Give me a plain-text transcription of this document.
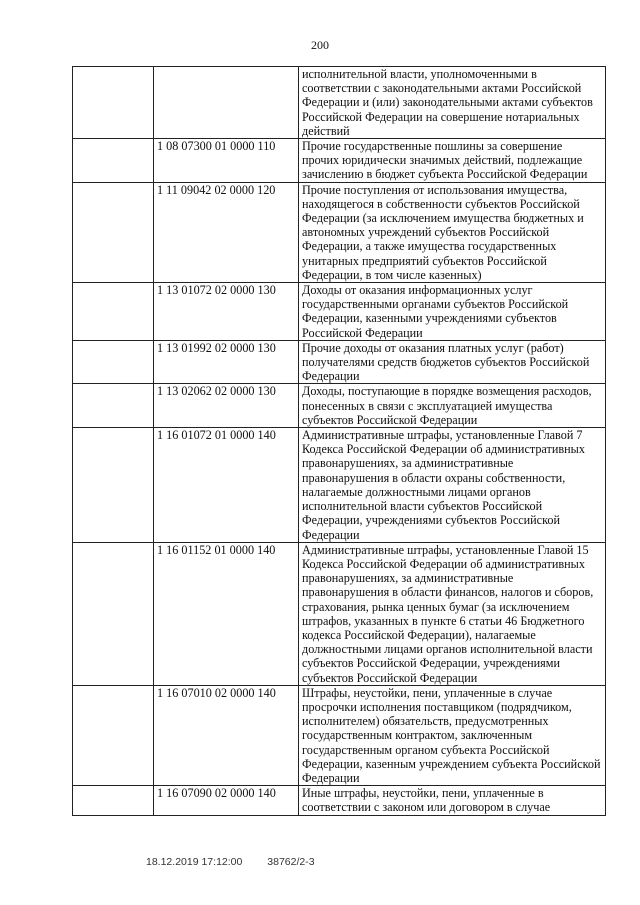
200
		исполнительной власти, уполномоченными в соответствии с законодательными актами Российской Федерации и (или) законодательными актами субъектов Российской Федерации на совершение нотариальных действий
	1 08 07300 01 0000 110	Прочие государственные пошлины за совершение прочих юридически значимых действий, подлежащие зачислению в бюджет субъекта Российской Федерации
	1 11 09042 02 0000 120	Прочие поступления от использования имущества, находящегося в собственности субъектов Российской Федерации (за исключением имущества бюджетных и автономных учреждений субъектов Российской Федерации, а также имущества государственных унитарных предприятий субъектов Российской Федерации, в том числе казенных)
	1 13 01072 02 0000 130	Доходы от оказания информационных услуг государственными органами субъектов Российской Федерации, казенными учреждениями субъектов Российской Федерации
	1 13 01992 02 0000 130	Прочие доходы от оказания платных услуг (работ) получателями средств бюджетов субъектов Российской Федерации
	1 13 02062 02 0000 130	Доходы, поступающие в порядке возмещения расходов, понесенных в связи с эксплуатацией имущества субъектов Российской Федерации
	1 16 01072 01 0000 140	Административные штрафы, установленные Главой 7 Кодекса Российской Федерации об административных правонарушениях, за административные правонарушения в области охраны собственности, налагаемые должностными лицами органов исполнительной власти субъектов Российской Федерации, учреждениями субъектов Российской Федерации
	1 16 01152 01 0000 140	Административные штрафы, установленные Главой 15 Кодекса Российской Федерации об административных правонарушениях, за административные правонарушения в области финансов, налогов и сборов, страхования, рынка ценных бумаг (за исключением штрафов, указанных в пункте 6 статьи 46 Бюджетного кодекса Российской Федерации), налагаемые должностными лицами органов исполнительной власти субъектов Российской Федерации, учреждениями субъектов Российской Федерации
	1 16 07010 02 0000 140	Штрафы, неустойки, пени, уплаченные в случае просрочки исполнения поставщиком (подрядчиком, исполнителем) обязательств, предусмотренных государственным контрактом, заключенным государственным органом субъекта Российской Федерации, казенным учреждением субъекта Российской Федерации
	1 16 07090 02 0000 140	Иные штрафы, неустойки, пени, уплаченные в соответствии с законом или договором в случае
18.12.2019 17:12:00 38762/2-3
